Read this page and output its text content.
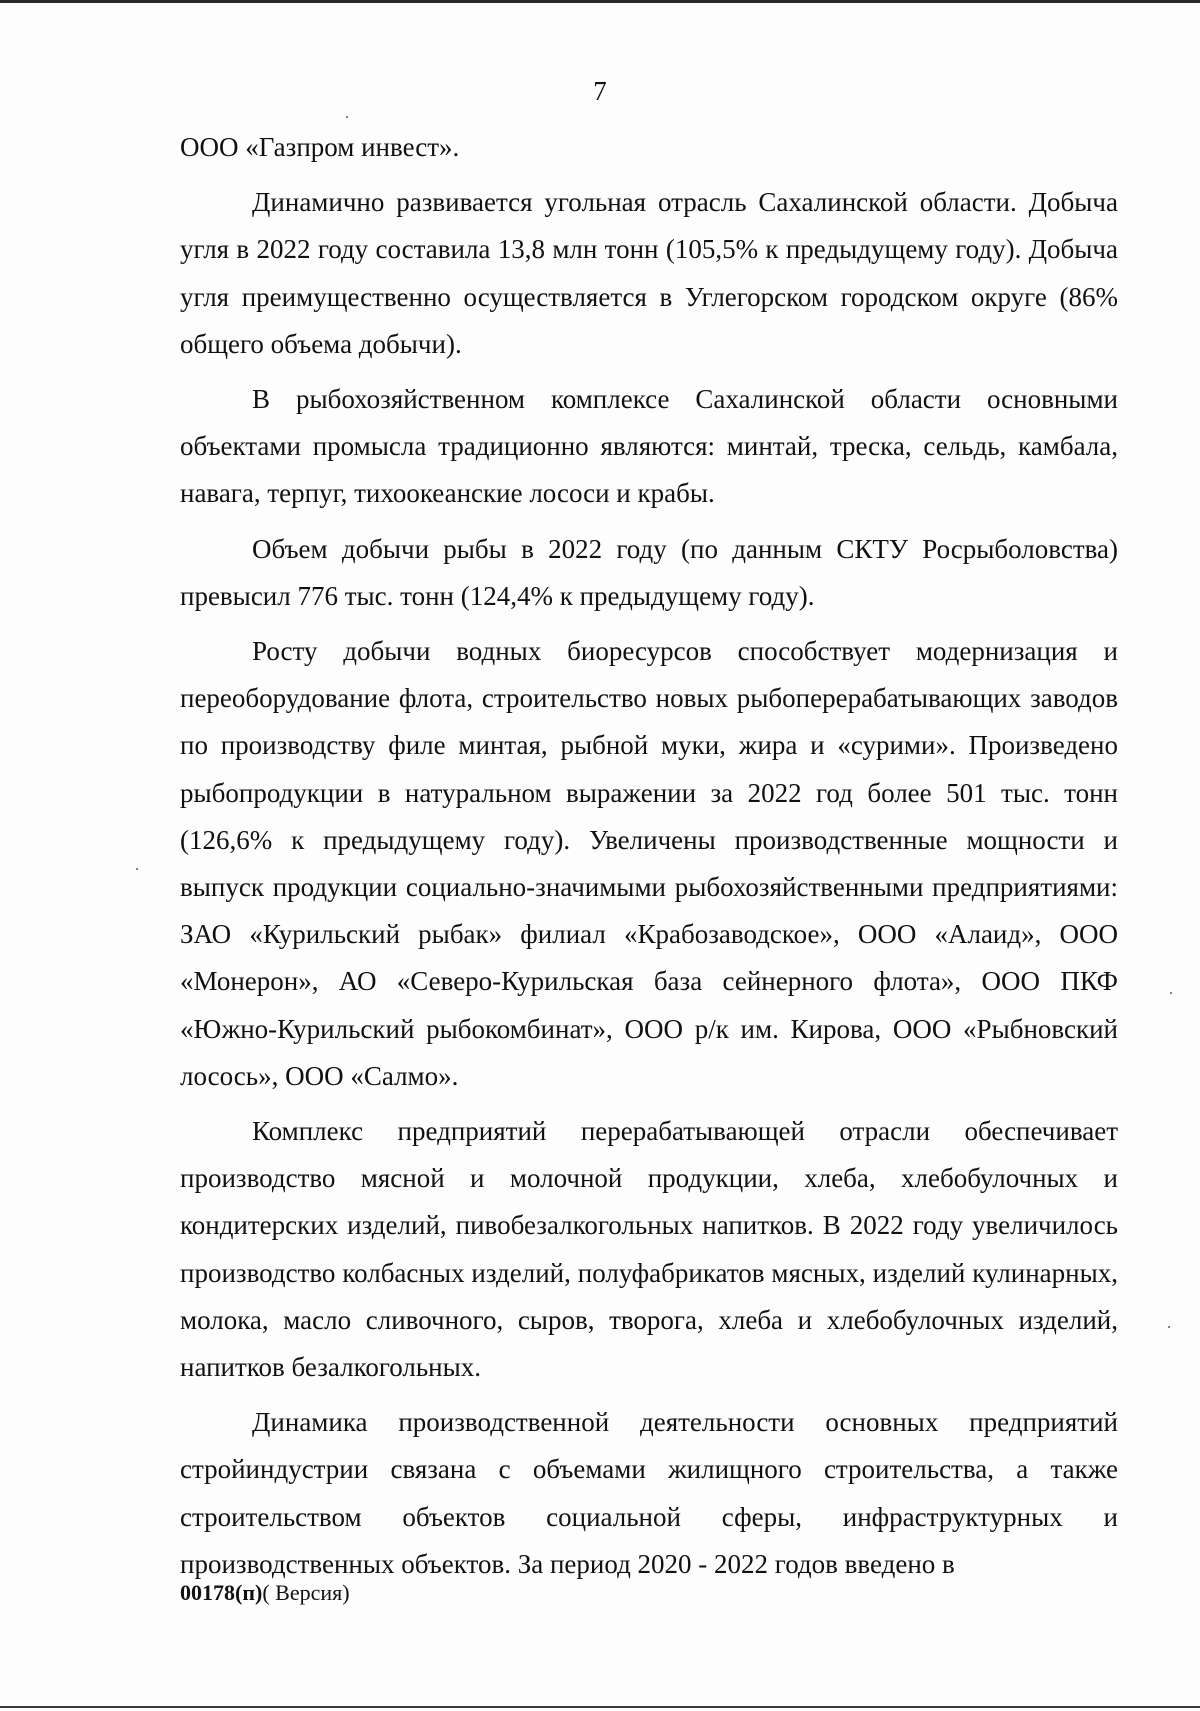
7

ООО «Газпром инвест».

Динамично развивается угольная отрасль Сахалинской области. Добыча угля в 2022 году составила 13,8 млн тонн (105,5% к предыдущему году). Добыча угля преимущественно осуществляется в Углегорском городском округе (86% общего объема добычи).

В рыбохозяйственном комплексе Сахалинской области основными объектами промысла традиционно являются: минтай, треска, сельдь, камбала, навага, терпуг, тихоокеанские лососи и крабы.

Объем добычи рыбы в 2022 году (по данным СКТУ Росрыболовства) превысил 776 тыс. тонн (124,4% к предыдущему году).

Росту добычи водных биоресурсов способствует модернизация и переоборудование флота, строительство новых рыбоперерабатывающих заводов по производству филе минтая, рыбной муки, жира и «сурими». Произведено рыбопродукции в натуральном выражении за 2022 год более 501 тыс. тонн (126,6% к предыдущему году). Увеличены производственные мощности и выпуск продукции социально-значимыми рыбохозяйственными предприятиями: ЗАО «Курильский рыбак» филиал «Крабозаводское», ООО «Алаид», ООО «Монерон», АО «Северо-Курильская база сейнерного флота», ООО ПКФ «Южно-Курильский рыбокомбинат», ООО р/к им. Кирова, ООО «Рыбновский лосось», ООО «Салмо».

Комплекс предприятий перерабатывающей отрасли обеспечивает производство мясной и молочной продукции, хлеба, хлебобулочных и кондитерских изделий, пивобезалкогольных напитков. В 2022 году увеличилось производство колбасных изделий, полуфабрикатов мясных, изделий кулинарных, молока, масло сливочного, сыров, творога, хлеба и хлебобулочных изделий, напитков безалкогольных.

Динамика производственной деятельности основных предприятий стройиндустрии связана с объемами жилищного строительства, а также строительством объектов социальной сферы, инфраструктурных и производственных объектов. За период 2020 - 2022 годов введено в

00178(п)( Версия)
